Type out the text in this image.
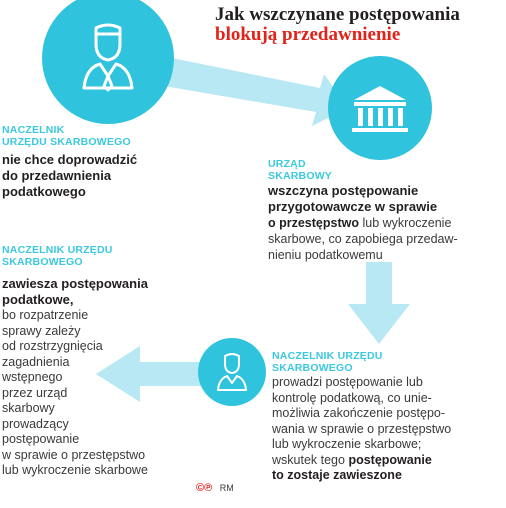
Jak wszczynane postępowania
blokują przedawnienie
NACZELNIK
URZĘDU SKARBOWEGO
nie chce doprowadzić
do przedawnienia
podatkowego
URZĄD
SKARBOWY
wszczyna postępowanie
przygotowawcze w sprawie
o przestępstwo lub wykroczenie
skarbowe, co zapobiega przedaw-
nieniu podatkowemu
NACZELNIK URZĘDU
SKARBOWEGO
zawiesza postępowania
podatkowe,
bo rozpatrzenie
sprawy zależy
od rozstrzygnięcia
zagadnienia
wstępnego
przez urząd
skarbowy
prowadzący
postępowanie
w sprawie o przestępstwo
lub wykroczenie skarbowe
NACZELNIK URZĘDU
SKARBOWEGO
prowadzi postępowanie lub
kontrolę podatkową, co unie-
możliwia zakończenie postępo-
wania w sprawie o przestępstwo
lub wykroczenie skarbowe;
wskutek tego postępowanie
to zostaje zawieszone
©℗ RM
